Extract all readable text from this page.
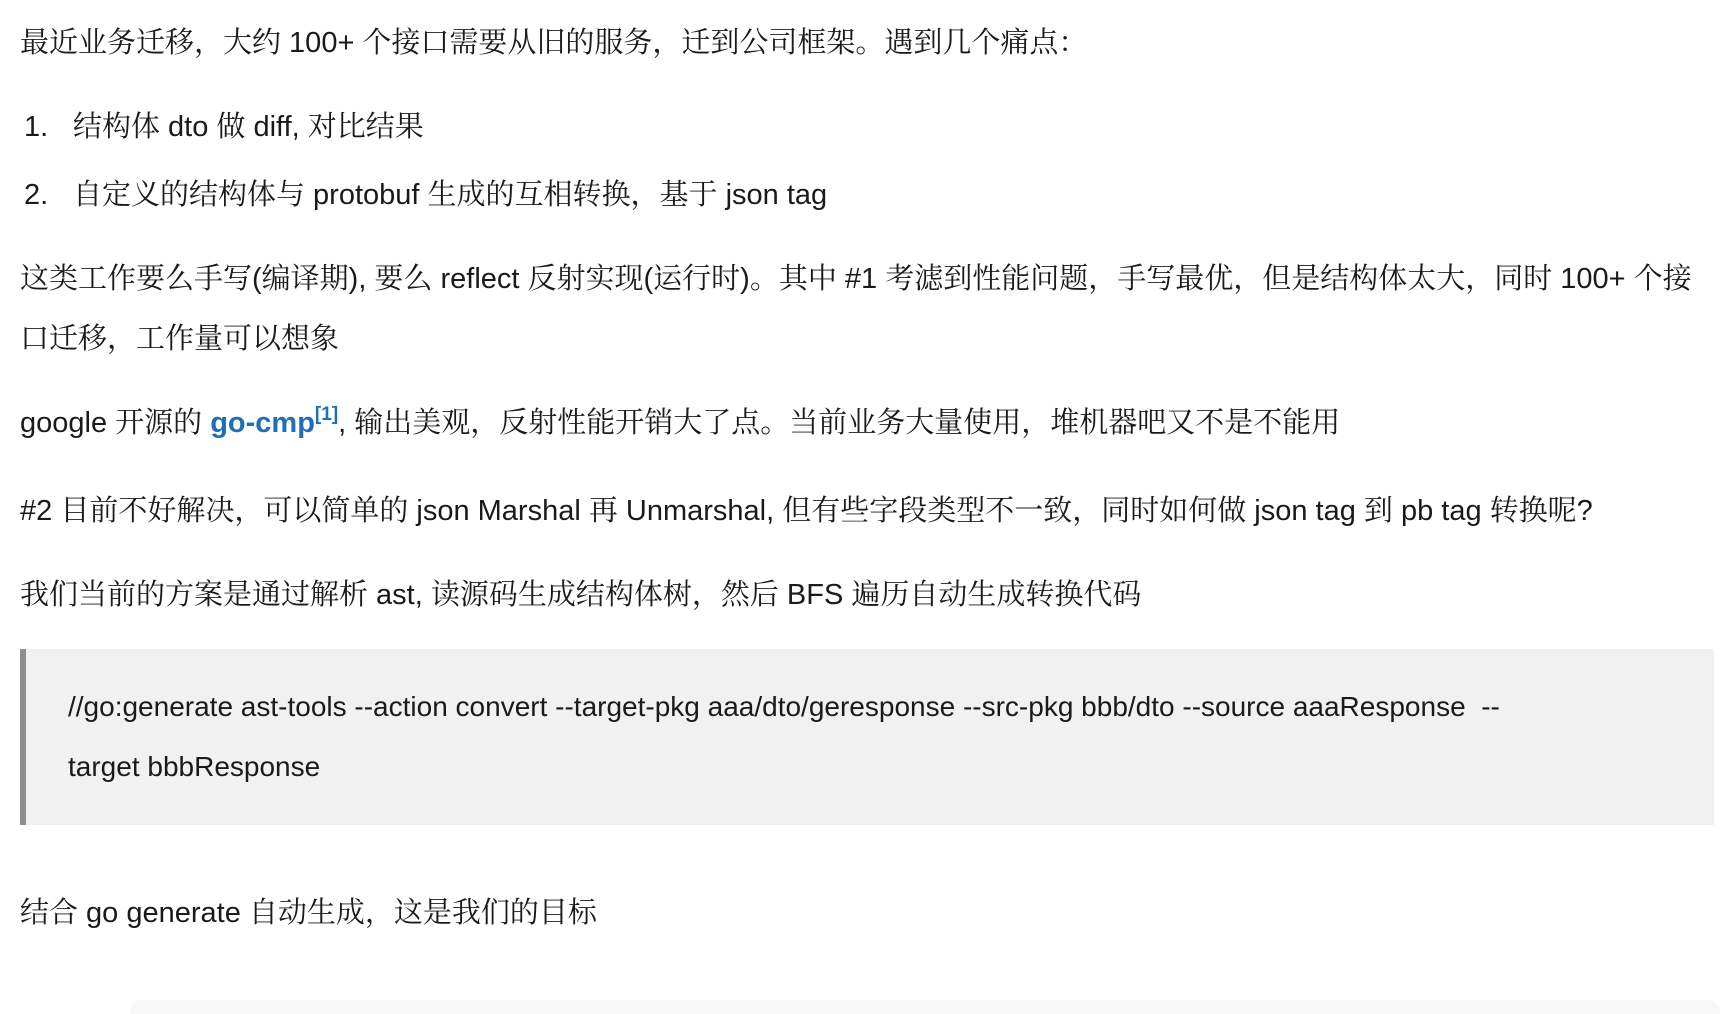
最近业务迁移，大约 100+ 个接口需要从旧的服务，迁到公司框架。遇到几个痛点：

1. 结构体 dto 做 diff, 对比结果
2. 自定义的结构体与 protobuf 生成的互相转换，基于 json tag

这类工作要么手写(编译期), 要么 reflect 反射实现(运行时)。其中 #1 考滤到性能问题，手写最优，但是结构体太大，同时 100+ 个接口迁移，工作量可以想象

google 开源的 go-cmp[1], 输出美观，反射性能开销大了点。当前业务大量使用，堆机器吧又不是不能用

#2 目前不好解决，可以简单的 json Marshal 再 Unmarshal, 但有些字段类型不一致，同时如何做 json tag 到 pb tag 转换呢?

我们当前的方案是通过解析 ast, 读源码生成结构体树，然后 BFS 遍历自动生成转换代码

//go:generate ast-tools --action convert --target-pkg aaa/dto/geresponse --src-pkg bbb/dto --source aaaResponse  --
target bbbResponse

结合 go generate 自动生成，这是我们的目标
